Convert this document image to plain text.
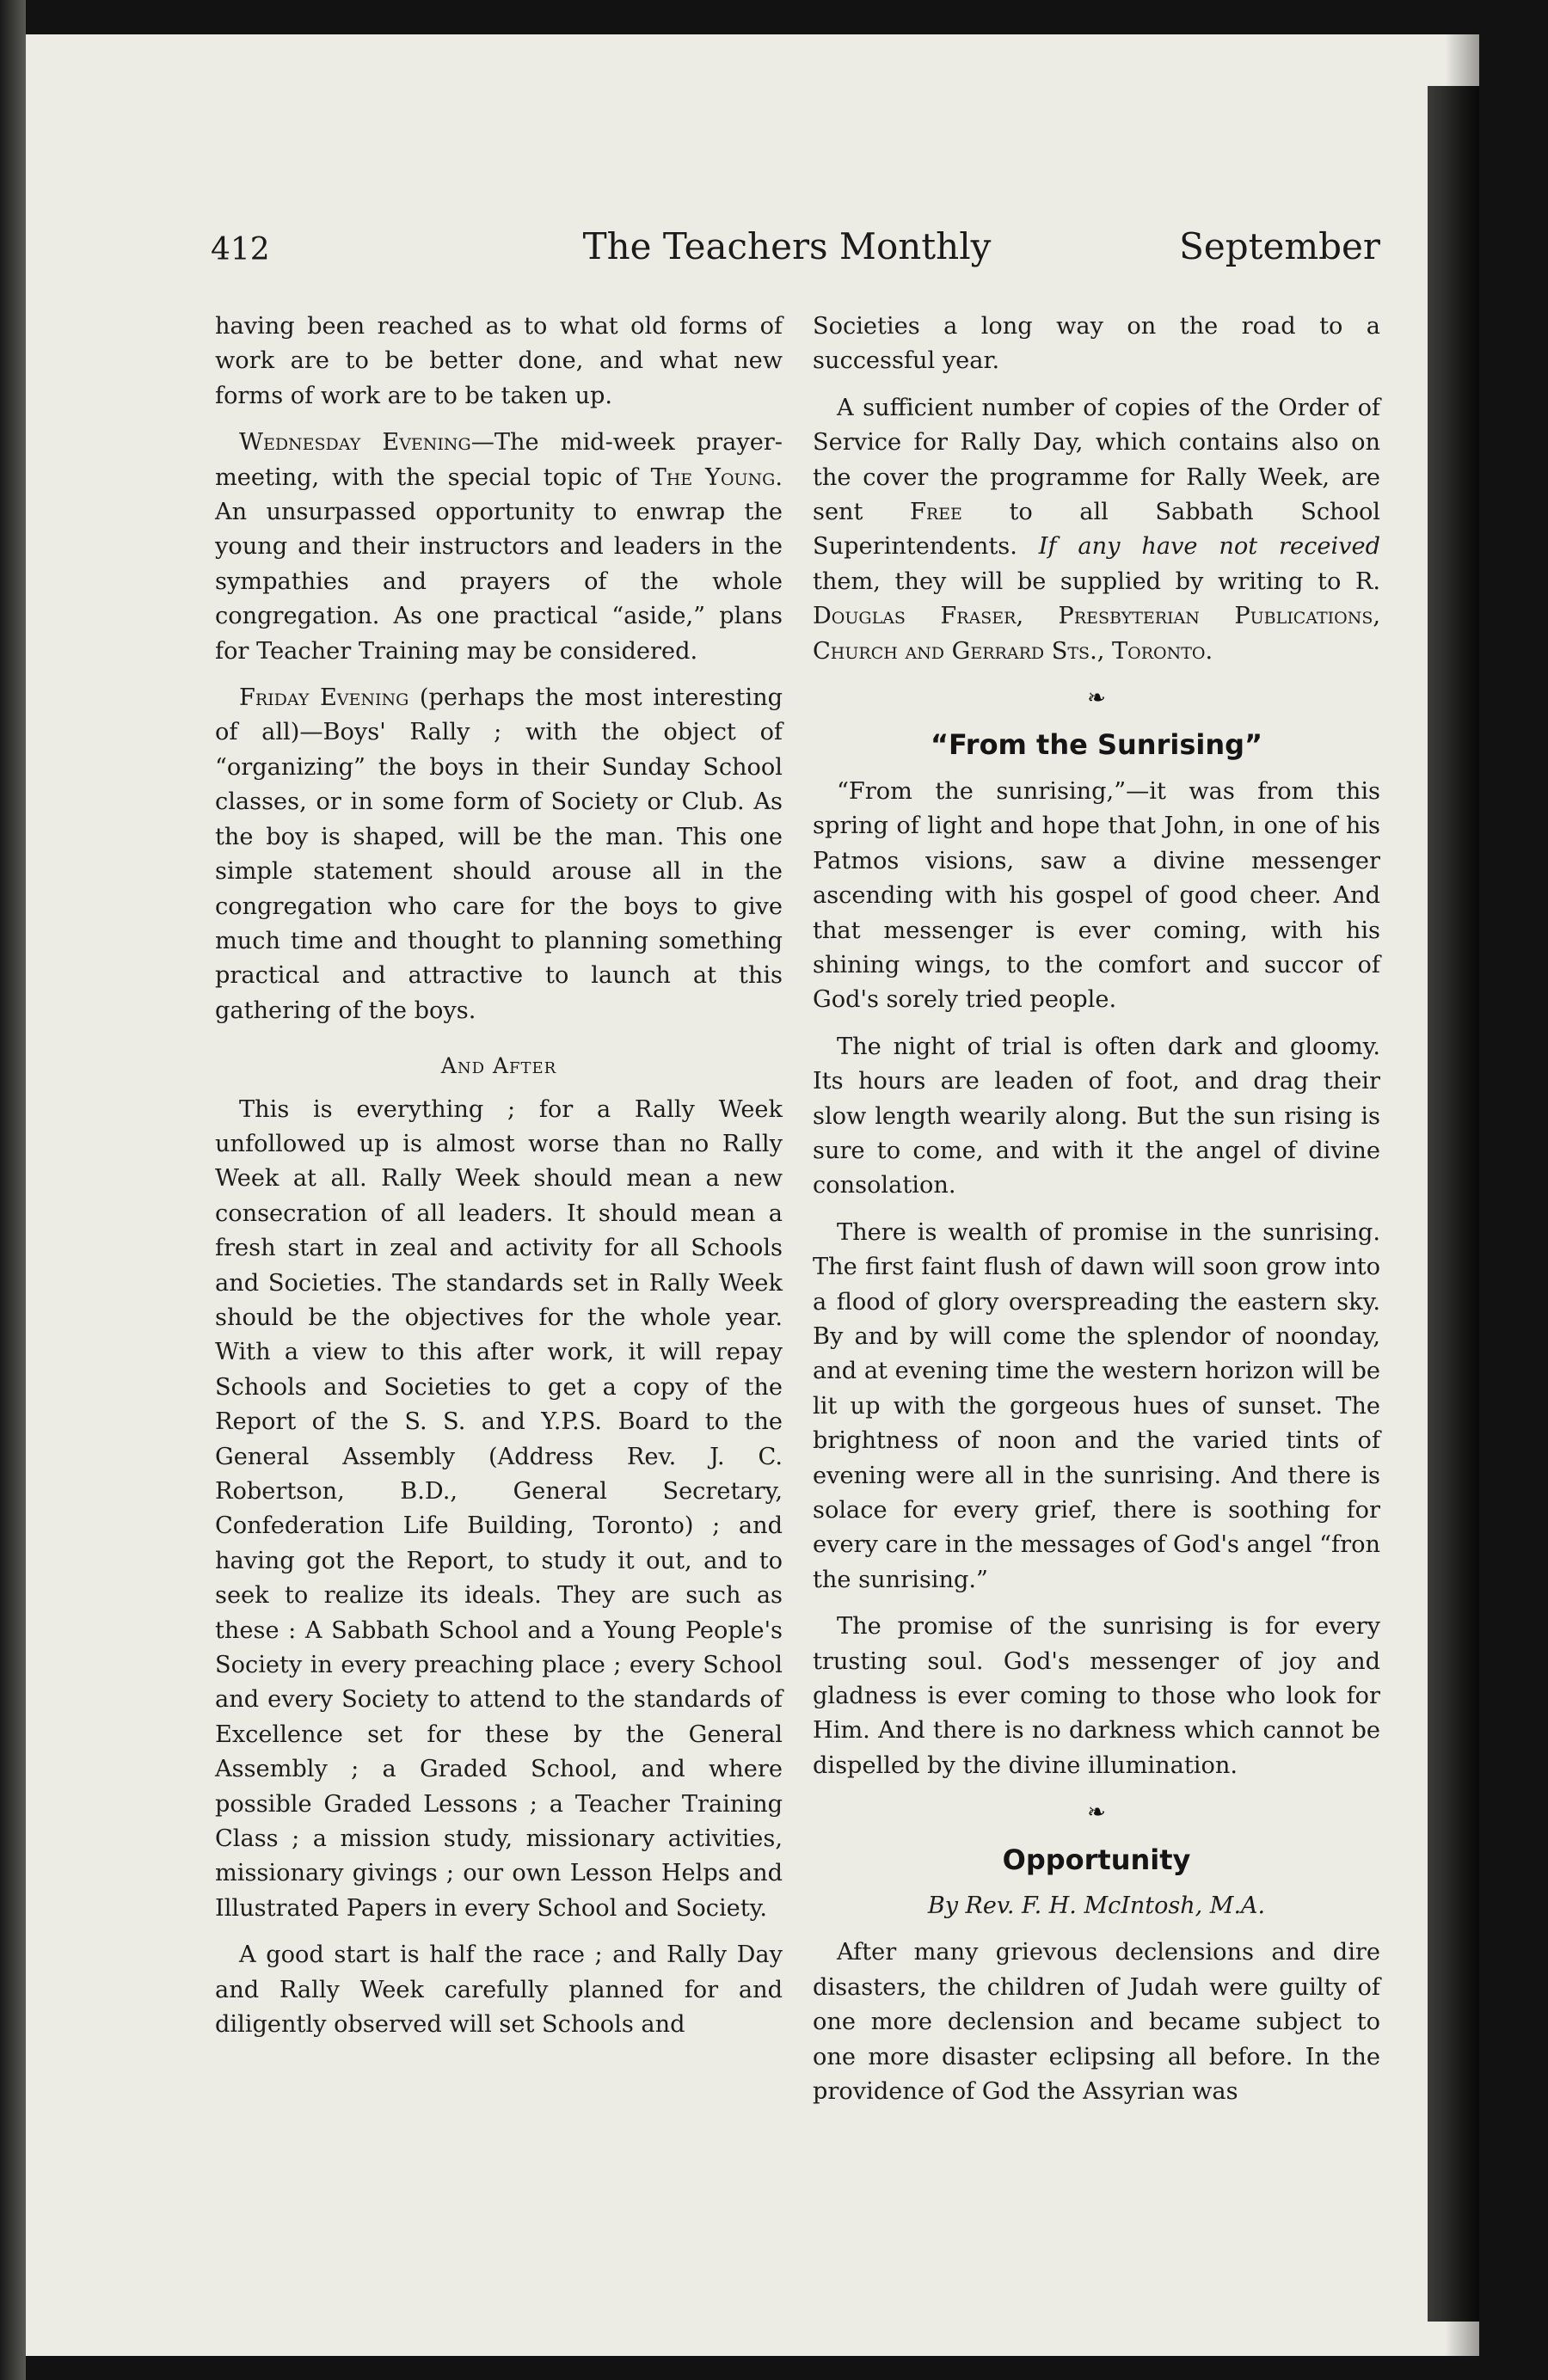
412	The Teachers Monthly	September

having been reached as to what old forms of work are to be better done, and what new forms of work are to be taken up.

Wednesday Evening—The mid-week prayer-meeting, with the special topic of The Young. An unsurpassed opportunity to enwrap the young and their instructors and leaders in the sympathies and prayers of the whole congregation. As one practical “aside,” plans for Teacher Training may be considered.

Friday Evening (perhaps the most interesting of all)—Boys' Rally ; with the object of “organizing” the boys in their Sunday School classes, or in some form of Society or Club. As the boy is shaped, will be the man. This one simple statement should arouse all in the congregation who care for the boys to give much time and thought to planning something practical and attractive to launch at this gathering of the boys.

And After

This is everything ; for a Rally Week unfollowed up is almost worse than no Rally Week at all. Rally Week should mean a new consecration of all leaders. It should mean a fresh start in zeal and activity for all Schools and Societies. The standards set in Rally Week should be the objectives for the whole year. With a view to this after work, it will repay Schools and Societies to get a copy of the Report of the S. S. and Y.P.S. Board to the General Assembly (Address Rev. J. C. Robertson, B.D., General Secretary, Confederation Life Building, Toronto) ; and having got the Report, to study it out, and to seek to realize its ideals. They are such as these : A Sabbath School and a Young People's Society in every preaching place ; every School and every Society to attend to the standards of Excellence set for these by the General Assembly ; a Graded School, and where possible Graded Lessons ; a Teacher Training Class ; a mission study, missionary activities, missionary givings ; our own Lesson Helps and Illustrated Papers in every School and Society.

A good start is half the race ; and Rally Day and Rally Week carefully planned for and diligently observed will set Schools and

Societies a long way on the road to a successful year.

A sufficient number of copies of the Order of Service for Rally Day, which contains also on the cover the programme for Rally Week, are sent Free to all Sabbath School Superintendents. If any have not received them, they will be supplied by writing to R. Douglas Fraser, Presbyterian Publications, Church and Gerrard Sts., Toronto.

❧
“From the Sunrising”

“From the sunrising,”—it was from this spring of light and hope that John, in one of his Patmos visions, saw a divine messenger ascending with his gospel of good cheer. And that messenger is ever coming, with his shining wings, to the comfort and succor of God's sorely tried people.

The night of trial is often dark and gloomy. Its hours are leaden of foot, and drag their slow length wearily along. But the sun rising is sure to come, and with it the angel of divine consolation.

There is wealth of promise in the sunrising. The first faint flush of dawn will soon grow into a flood of glory overspreading the eastern sky. By and by will come the splendor of noonday, and at evening time the western horizon will be lit up with the gorgeous hues of sunset. The brightness of noon and the varied tints of evening were all in the sunrising. And there is solace for every grief, there is soothing for every care in the messages of God's angel “fron the sunrising.”

The promise of the sunrising is for every trusting soul. God's messenger of joy and gladness is ever coming to those who look for Him. And there is no darkness which cannot be dispelled by the divine illumination.

❧
Opportunity
By Rev. F. H. McIntosh, M.A.

After many grievous declensions and dire disasters, the children of Judah were guilty of one more declension and became subject to one more disaster eclipsing all before. In the providence of God the Assyrian was
